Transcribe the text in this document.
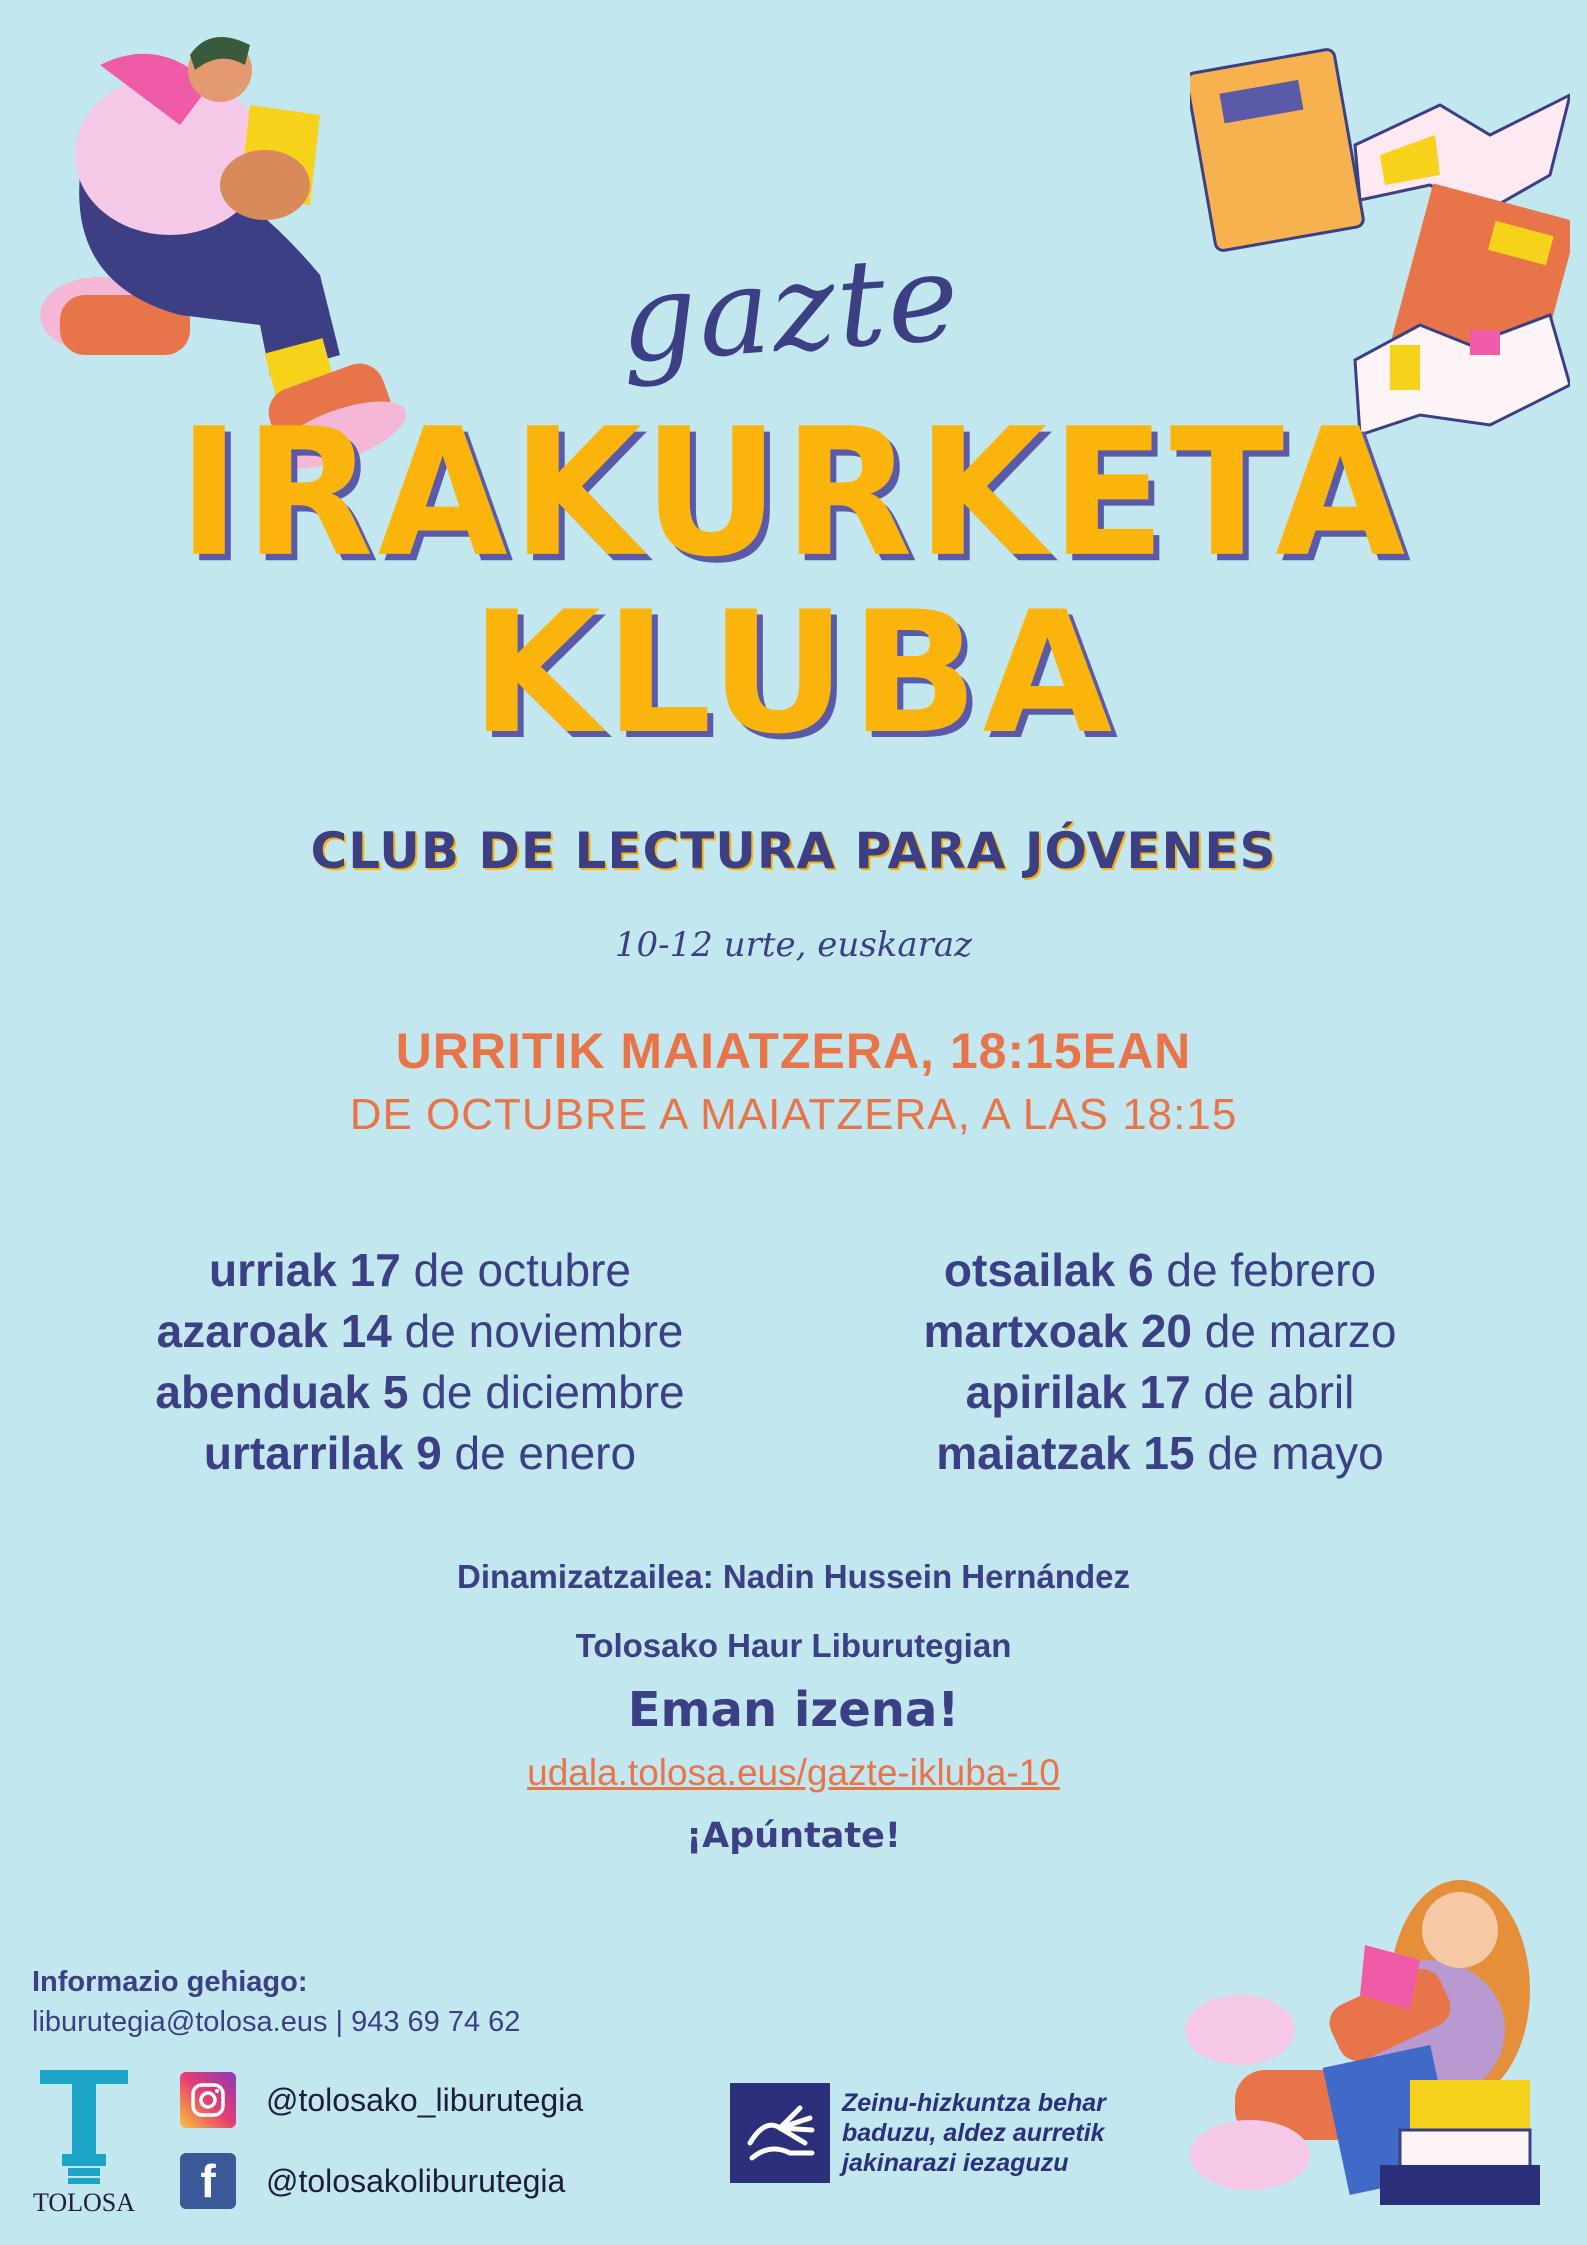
gazte
IRAKURKETA
KLUBA
CLUB DE LECTURA PARA JÓVENES
10-12 urte, euskaraz
URRITIK MAIATZERA, 18:15EAN
DE OCTUBRE A MAIATZERA, A LAS 18:15
urriak 17 de octubre
azaroak 14 de noviembre
abenduak 5 de diciembre
urtarrilak 9 de enero
otsailak 6 de febrero
martxoak 20 de marzo
apirilak 17 de abril
maiatzak 15 de mayo
Dinamizatzailea: Nadin Hussein Hernández
Tolosako Haur Liburutegian
Eman izena!
udala.tolosa.eus/gazte-ikluba-10
¡Apúntate!
Informazio gehiago:
liburutegia@tolosa.eus | 943 69 74 62
TOLOSA
@tolosako_liburutegia
f	@tolosakoliburutegia
Zeinu-hizkuntza behar
baduzu, aldez aurretik
jakinarazi iezaguzu
